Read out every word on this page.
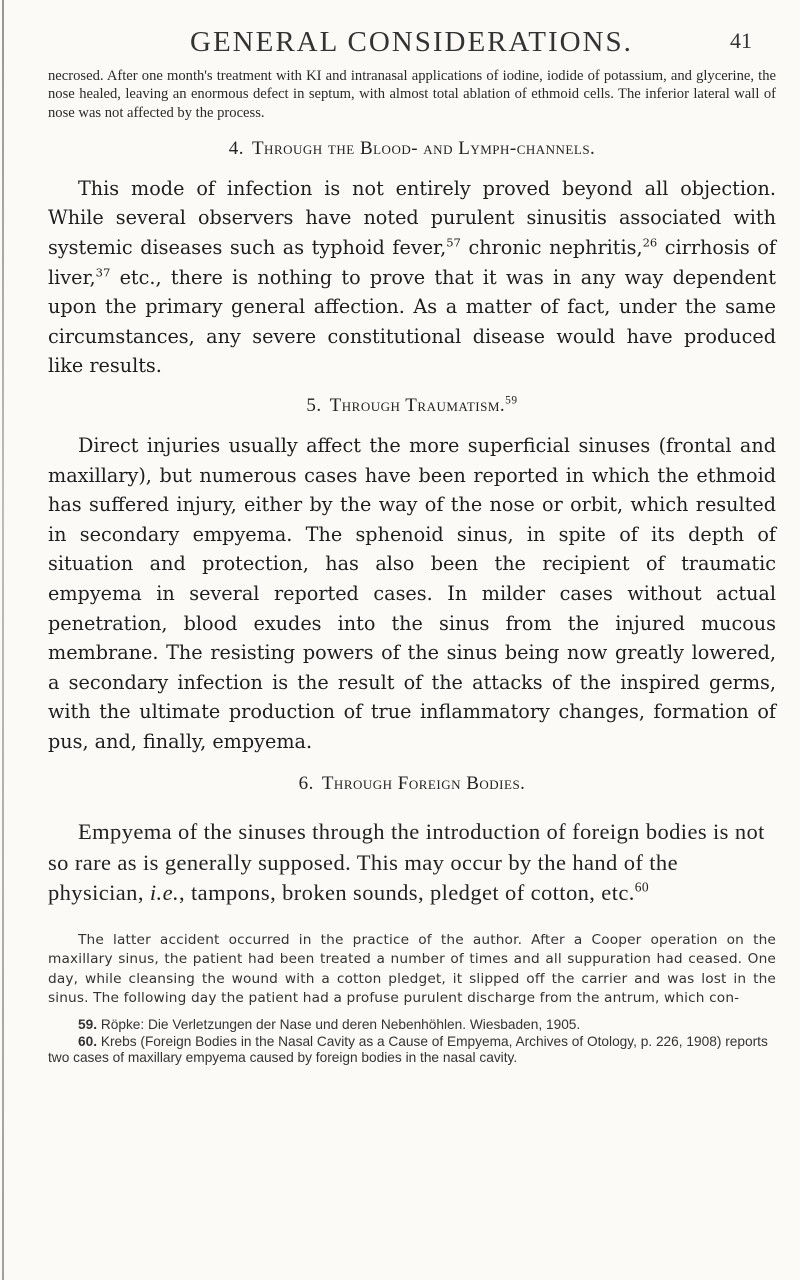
GENERAL CONSIDERATIONS.	41

necrosed. After one month's treatment with KI and intranasal applications of iodine, iodide of potassium, and glycerine, the nose healed, leaving an enormous defect in septum, with almost total ablation of ethmoid cells. The inferior lateral wall of nose was not affected by the process.

4. Through the Blood- and Lymph-channels.

This mode of infection is not entirely proved beyond all objection. While several observers have noted purulent sinusitis associated with systemic diseases such as typhoid fever,$^{57}$ chronic nephritis,$^{26}$ cirrhosis of liver,$^{37}$ etc., there is nothing to prove that it was in any way dependent upon the primary general affection. As a matter of fact, under the same circumstances, any severe constitutional disease would have produced like results.

5. Through Traumatism.$^{59}$

Direct injuries usually affect the more superficial sinuses (frontal and maxillary), but numerous cases have been reported in which the ethmoid has suffered injury, either by the way of the nose or orbit, which resulted in secondary empyema. The sphenoid sinus, in spite of its depth of situation and protection, has also been the recipient of traumatic empyema in several reported cases. In milder cases without actual penetration, blood exudes into the sinus from the injured mucous membrane. The resisting powers of the sinus being now greatly lowered, a secondary infection is the result of the attacks of the inspired germs, with the ultimate production of true inflammatory changes, formation of pus, and, finally, empyema.

6. Through Foreign Bodies.

Empyema of the sinuses through the introduction of foreign bodies is not so rare as is generally supposed. This may occur by the hand of the physician, i.e., tampons, broken sounds, pledget of cotton, etc.$^{60}$

The latter accident occurred in the practice of the author. After a Cooper operation on the maxillary sinus, the patient had been treated a number of times and all suppuration had ceased. One day, while cleansing the wound with a cotton pledget, it slipped off the carrier and was lost in the sinus. The following day the patient had a profuse purulent discharge from the antrum, which con-

59. Röpke: Die Verletzungen der Nase und deren Nebenhöhlen. Wiesbaden, 1905.

60. Krebs (Foreign Bodies in the Nasal Cavity as a Cause of Empyema, Archives of Otology, p. 226, 1908) reports two cases of maxillary empyema caused by foreign bodies in the nasal cavity.
